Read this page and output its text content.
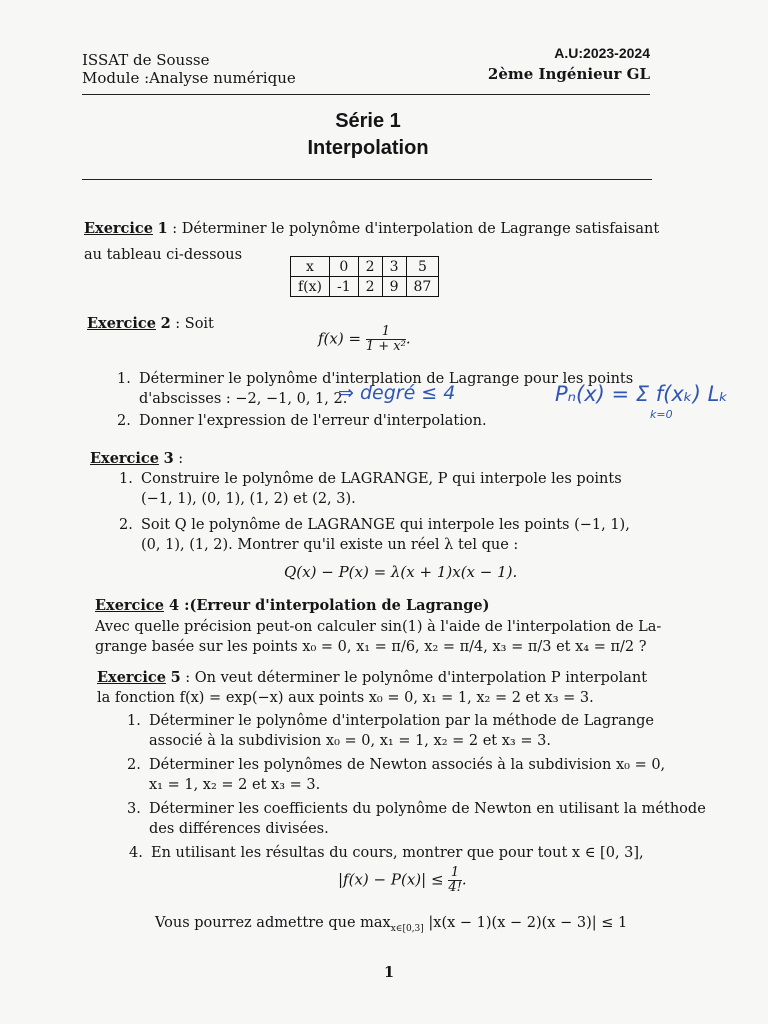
ISSAT de Sousse
Module :Analyse numérique
A.U:2023-2024
2ème Ingénieur GL
Série 1
Interpolation
Exercice 1 : Déterminer le polynôme d'interpolation de Lagrange satisfaisant
au tableau ci-dessous
x	0	2	3	5
f(x)	-1	2	9	87
Exercice 2 : Soit
$f(x) = \frac{1}{\text{1 + x²}}$ .
1. Déterminer le polynôme d'interplation de Lagrange pour les points
d'abscisses : −2, −1, 0, 1, 2.
2. Donner l'expression de l'erreur d'interpolation.
⇒ degré ≤ 4	Pₙ(x) = Σ f(xₖ) Lₖ
k=0
Exercice 3 :
1. Construire le polynôme de LAGRANGE, P qui interpole les points
(−1, 1), (0, 1), (1, 2) et (2, 3).
2. Soit Q le polynôme de LAGRANGE qui interpole les points (−1, 1),
(0, 1), (1, 2). Montrer qu'il existe un réel λ tel que :
Q(x) − P(x) = λ(x + 1)x(x − 1).
Exercice 4 :(Erreur d'interpolation de Lagrange)
Avec quelle précision peut-on calculer sin(1) à l'aide de l'interpolation de La-
grange basée sur les points x₀ = 0, x₁ = π/6, x₂ = π/4, x₃ = π/3 et x₄ = π/2 ?
Exercice 5 : On veut déterminer le polynôme d'interpolation P interpolant
la fonction f(x) = exp(−x) aux points x₀ = 0, x₁ = 1, x₂ = 2 et x₃ = 3.
1. Déterminer le polynôme d'interpolation par la méthode de Lagrange
associé à la subdivision x₀ = 0, x₁ = 1, x₂ = 2 et x₃ = 3.
2. Déterminer les polynômes de Newton associés à la subdivision x₀ = 0,
x₁ = 1, x₂ = 2 et x₃ = 3.
3. Déterminer les coefficients du polynôme de Newton en utilisant la méthode
des différences divisées.
4. En utilisant les résultas du cours, montrer que pour tout x ∈ [0, 3],
$|f(x) - P(x)| \le \frac{1}{4!}$ .
Vous pourrez admettre que $\max_{x\in[0,3]} |x(x - 1)(x - 2)(x - 3)| \le 1$
1
